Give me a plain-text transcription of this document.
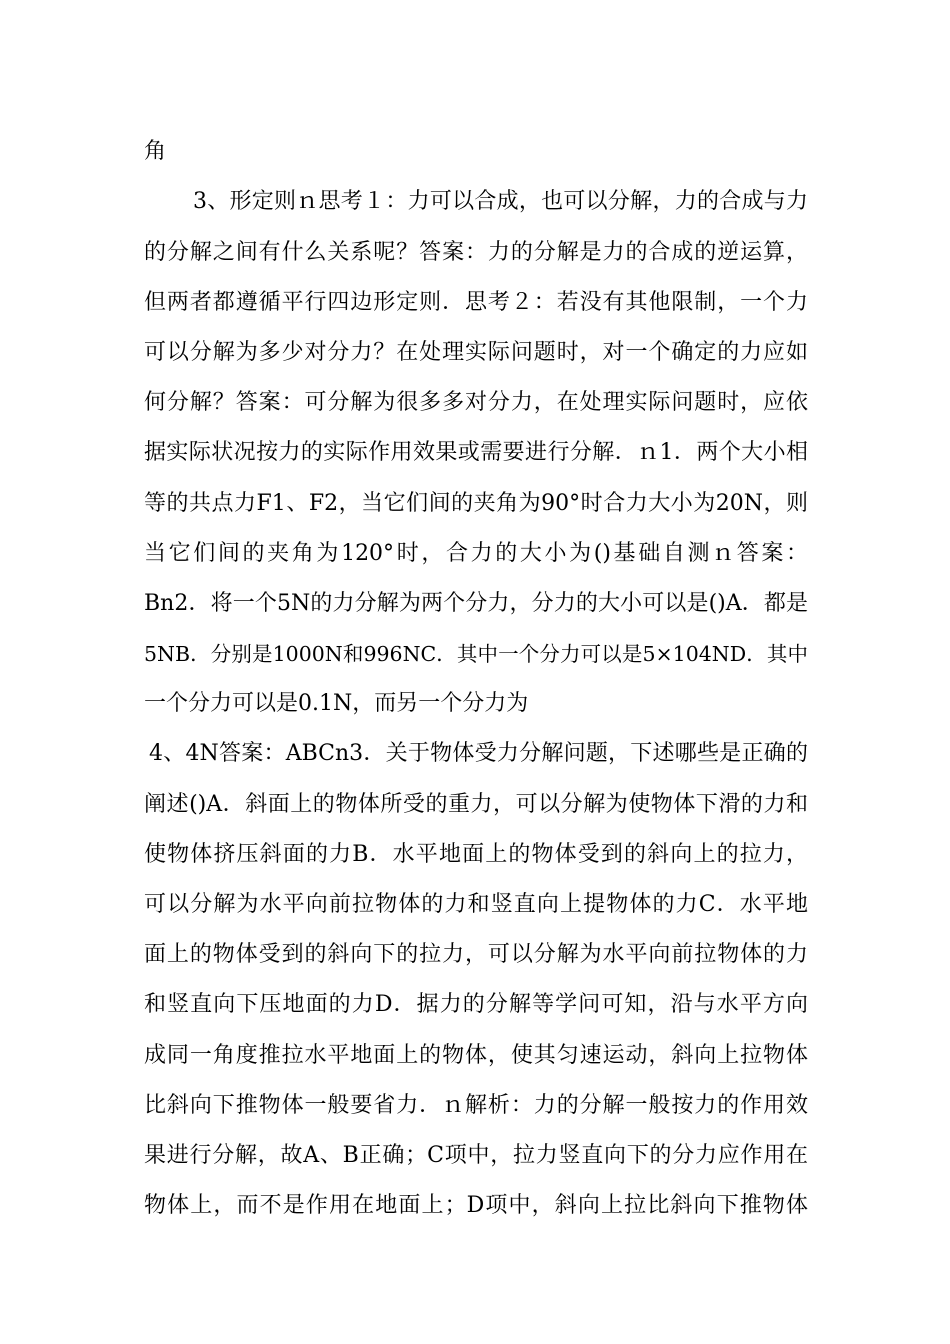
角
3、形定则ｎ思考１：力可以合成，也可以分解，力的合成与力
的分解之间有什么关系呢？答案：力的分解是力的合成的逆运算，
但两者都遵循平行四边形定则．思考２：若没有其他限制，一个力
可以分解为多少对分力？在处理实际问题时，对一个确定的力应如
何分解？答案：可分解为很多多对分力，在处理实际问题时，应依
据实际状况按力的实际作用效果或需要进行分解．ｎ1．两个大小相
等的共点力F1、F2，当它们间的夹角为90°时合力大小为20N，则
当它们间的夹角为120°时，合力的大小为()基础自测ｎ答案：
Bn2．将一个5N的力分解为两个分力，分力的大小可以是()A．都是
5NB．分别是1000N和996NC．其中一个分力可以是5×104ND．其中
一个分力可以是0.1N，而另一个分力为
4、4N答案：ABCn3．关于物体受力分解问题，下述哪些是正确的
阐述()A．斜面上的物体所受的重力，可以分解为使物体下滑的力和
使物体挤压斜面的力B．水平地面上的物体受到的斜向上的拉力，
可以分解为水平向前拉物体的力和竖直向上提物体的力C．水平地
面上的物体受到的斜向下的拉力，可以分解为水平向前拉物体的力
和竖直向下压地面的力D．据力的分解等学问可知，沿与水平方向
成同一角度推拉水平地面上的物体，使其匀速运动，斜向上拉物体
比斜向下推物体一般要省力．ｎ解析：力的分解一般按力的作用效
果进行分解，故A、B正确；C项中，拉力竖直向下的分力应作用在
物体上，而不是作用在地面上；D项中，斜向上拉比斜向下推物体
